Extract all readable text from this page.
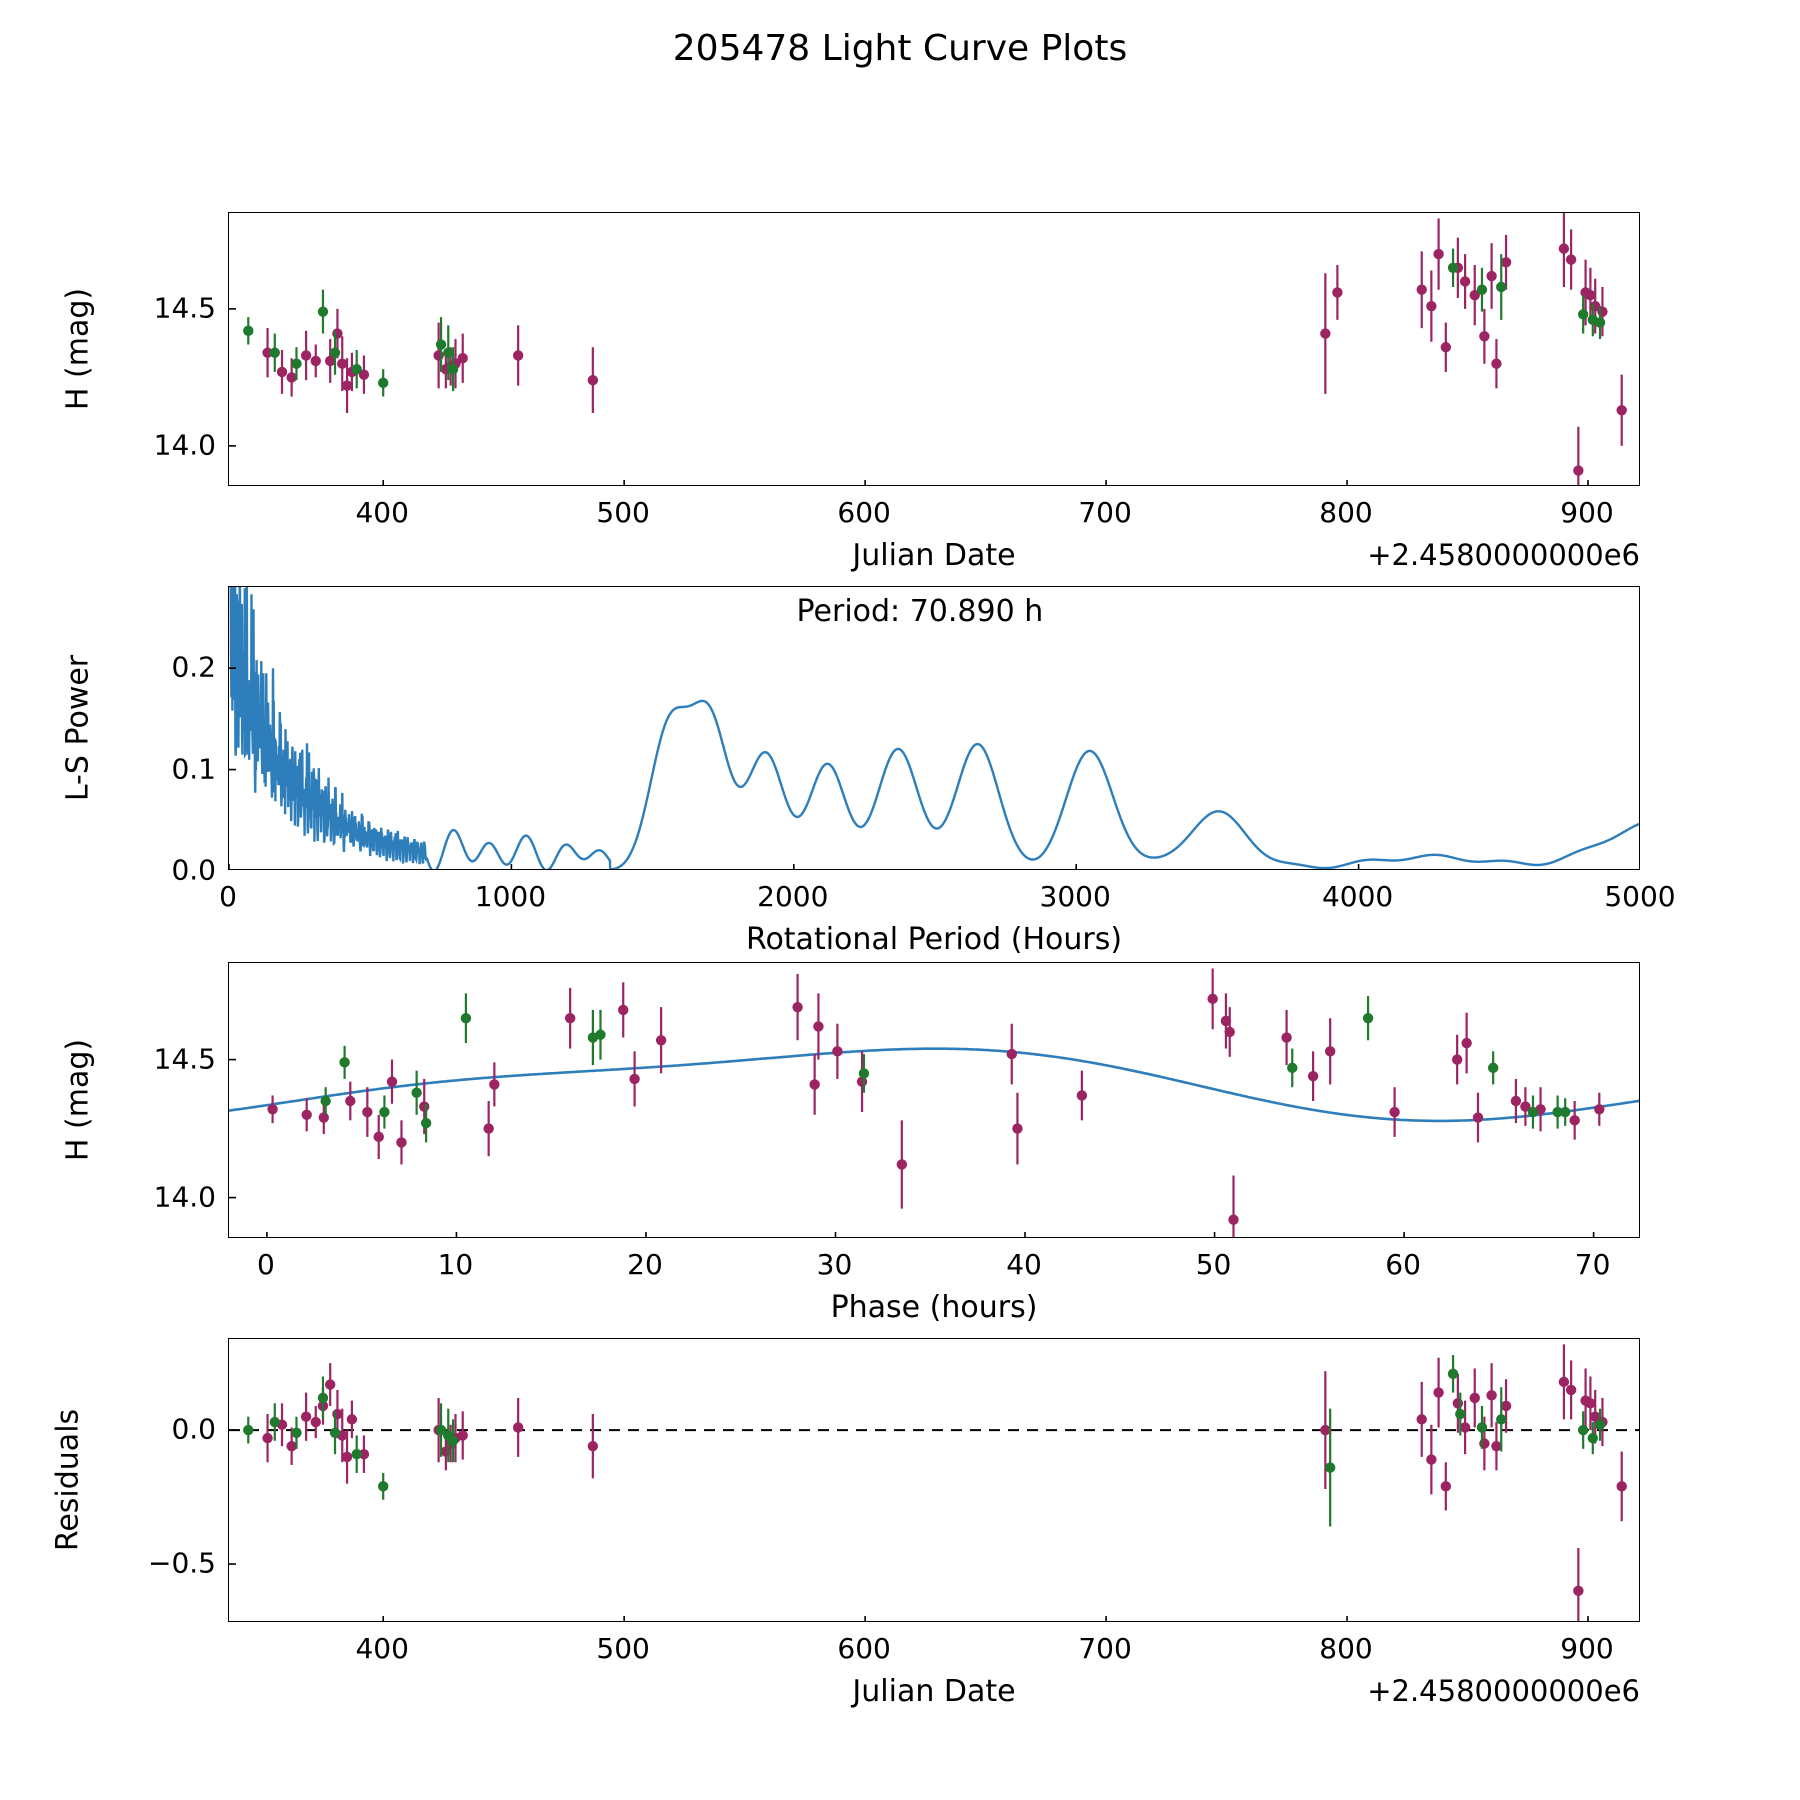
205478 Light Curve Plots
400	500	600	700	800	900
14.0
14.5
Julian Date	+2.4580000000e6
H (mag)
0	1000	2000	3000	4000	5000
0.0
0.1
0.2
Rotational Period (Hours)
L-S Power
Period: 70.890 h
0	10	20	30	40	50	60	70
14.0
14.5
Phase (hours)
H (mag)
400	500	600	700	800	900
−0.5
0.0
Julian Date	+2.4580000000e6
Residuals
